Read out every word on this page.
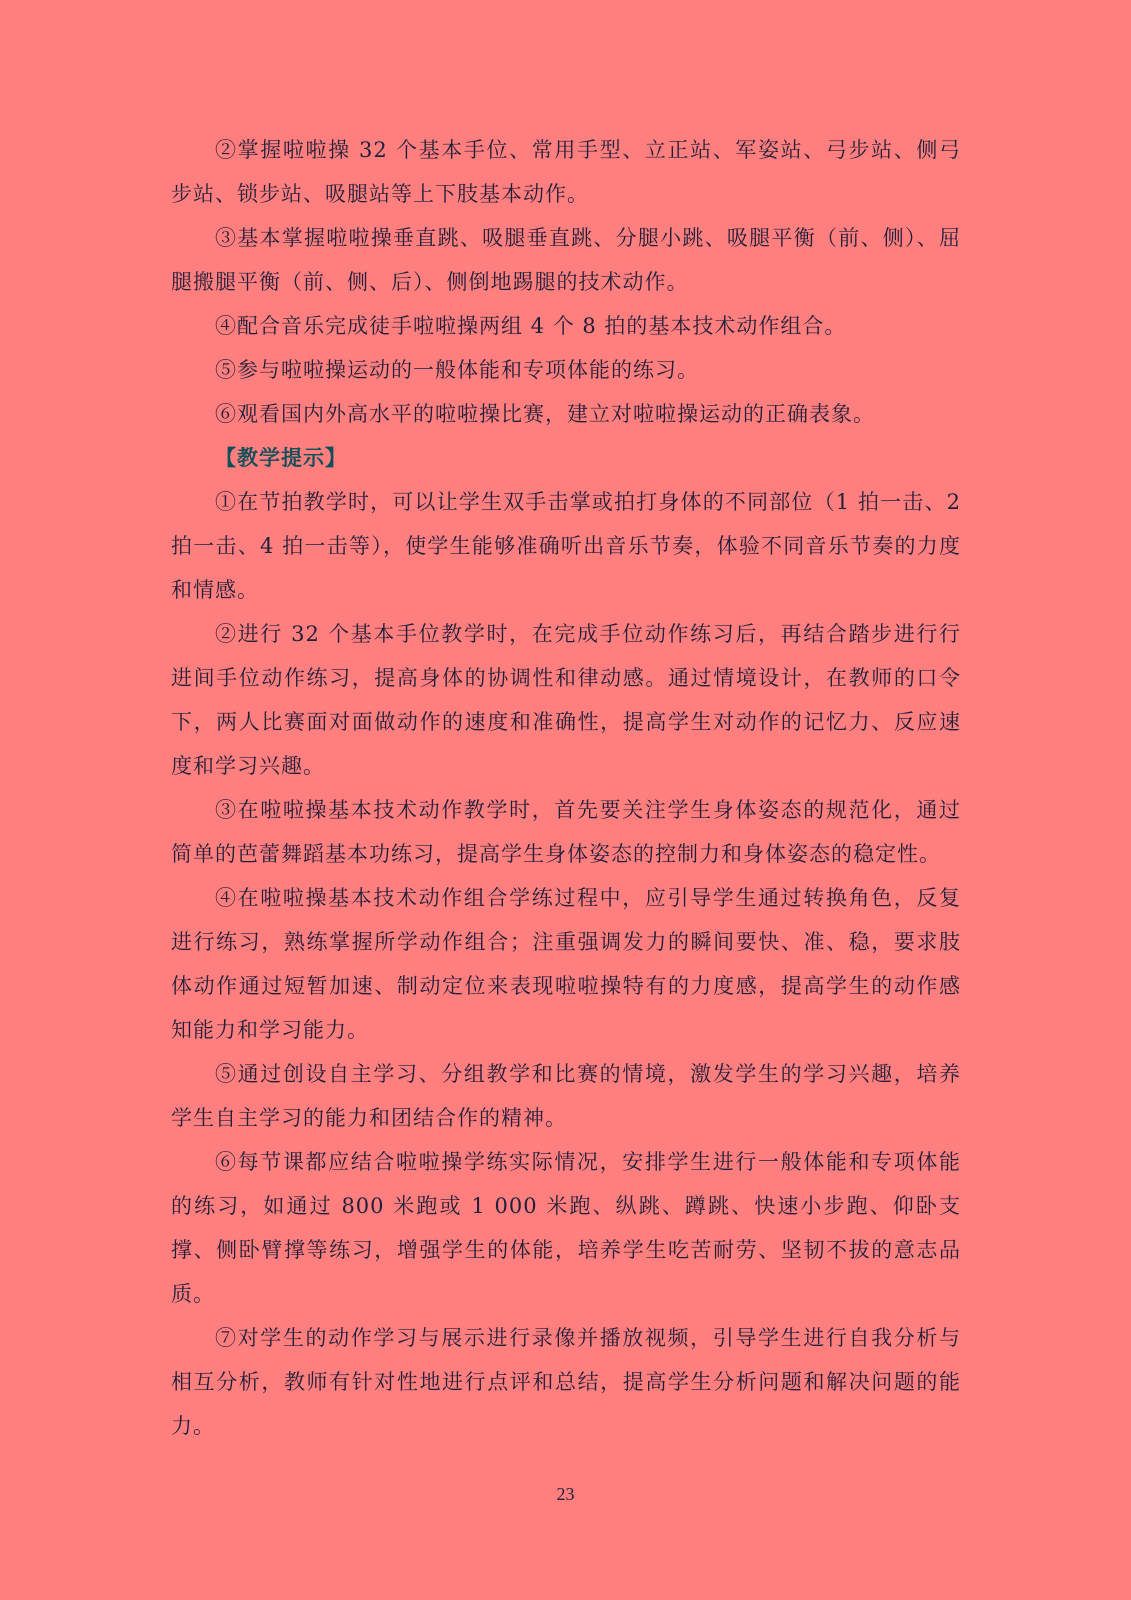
②掌握啦啦操 32 个基本手位、常用手型、立正站、军姿站、弓步站、侧弓步站、锁步站、吸腿站等上下肢基本动作。

③基本掌握啦啦操垂直跳、吸腿垂直跳、分腿小跳、吸腿平衡（前、侧）、屈腿搬腿平衡（前、侧、后）、侧倒地踢腿的技术动作。

④配合音乐完成徒手啦啦操两组 4 个 8 拍的基本技术动作组合。

⑤参与啦啦操运动的一般体能和专项体能的练习。

⑥观看国内外高水平的啦啦操比赛，建立对啦啦操运动的正确表象。

【教学提示】

①在节拍教学时，可以让学生双手击掌或拍打身体的不同部位（1 拍一击、2 拍一击、4 拍一击等），使学生能够准确听出音乐节奏，体验不同音乐节奏的力度和情感。

②进行 32 个基本手位教学时，在完成手位动作练习后，再结合踏步进行行进间手位动作练习，提高身体的协调性和律动感。通过情境设计，在教师的口令下，两人比赛面对面做动作的速度和准确性，提高学生对动作的记忆力、反应速度和学习兴趣。

③在啦啦操基本技术动作教学时，首先要关注学生身体姿态的规范化，通过简单的芭蕾舞蹈基本功练习，提高学生身体姿态的控制力和身体姿态的稳定性。

④在啦啦操基本技术动作组合学练过程中，应引导学生通过转换角色，反复进行练习，熟练掌握所学动作组合；注重强调发力的瞬间要快、准、稳，要求肢体动作通过短暂加速、制动定位来表现啦啦操特有的力度感，提高学生的动作感知能力和学习能力。

⑤通过创设自主学习、分组教学和比赛的情境，激发学生的学习兴趣，培养学生自主学习的能力和团结合作的精神。

⑥每节课都应结合啦啦操学练实际情况，安排学生进行一般体能和专项体能的练习，如通过 800 米跑或 1 000 米跑、纵跳、蹲跳、快速小步跑、仰卧支撑、侧卧臂撑等练习，增强学生的体能，培养学生吃苦耐劳、坚韧不拔的意志品质。

⑦对学生的动作学习与展示进行录像并播放视频，引导学生进行自我分析与相互分析，教师有针对性地进行点评和总结，提高学生分析问题和解决问题的能力。

23
